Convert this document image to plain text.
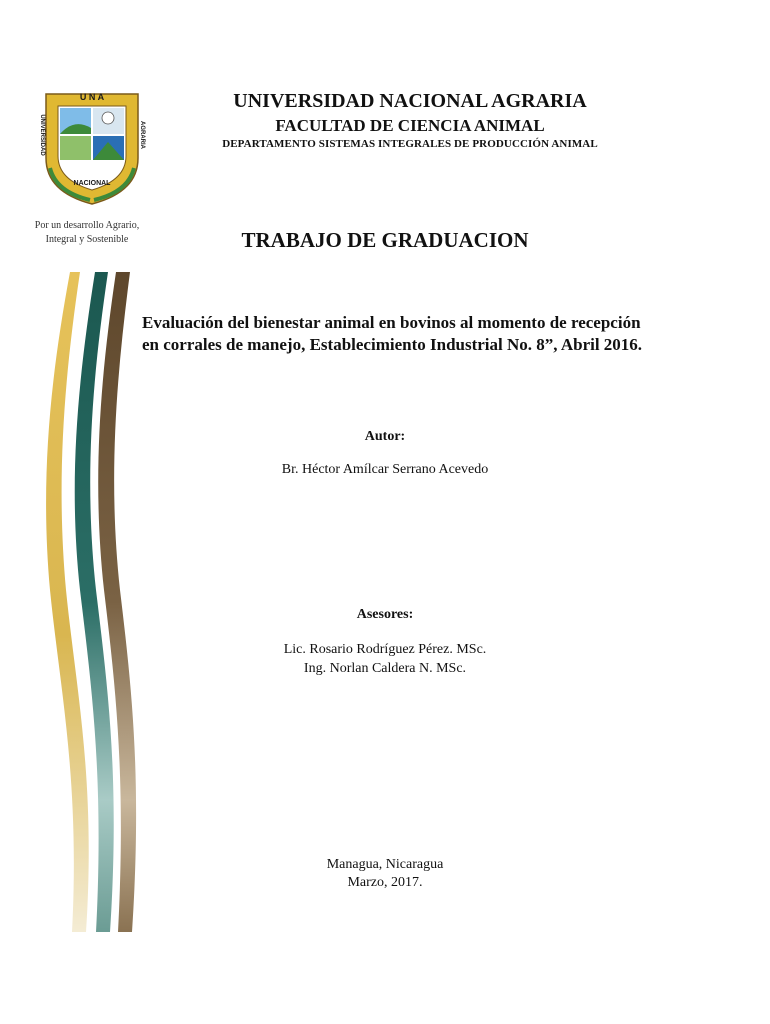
U N A
UNIVERSIDAD	AGRARIA
NACIONAL
Por un desarrollo Agrario,
Integral y Sostenible
UNIVERSIDAD NACIONAL AGRARIA
FACULTAD DE CIENCIA ANIMAL
DEPARTAMENTO SISTEMAS INTEGRALES DE PRODUCCIÓN ANIMAL
TRABAJO DE GRADUACION
Evaluación del bienestar animal en bovinos al momento de recepción
en corrales de manejo, Establecimiento Industrial No. 8”, Abril 2016.
Autor:
Br. Héctor Amílcar Serrano Acevedo
Asesores:
Lic. Rosario Rodríguez Pérez. MSc.
Ing. Norlan Caldera N. MSc.
Managua, Nicaragua
Marzo, 2017.
